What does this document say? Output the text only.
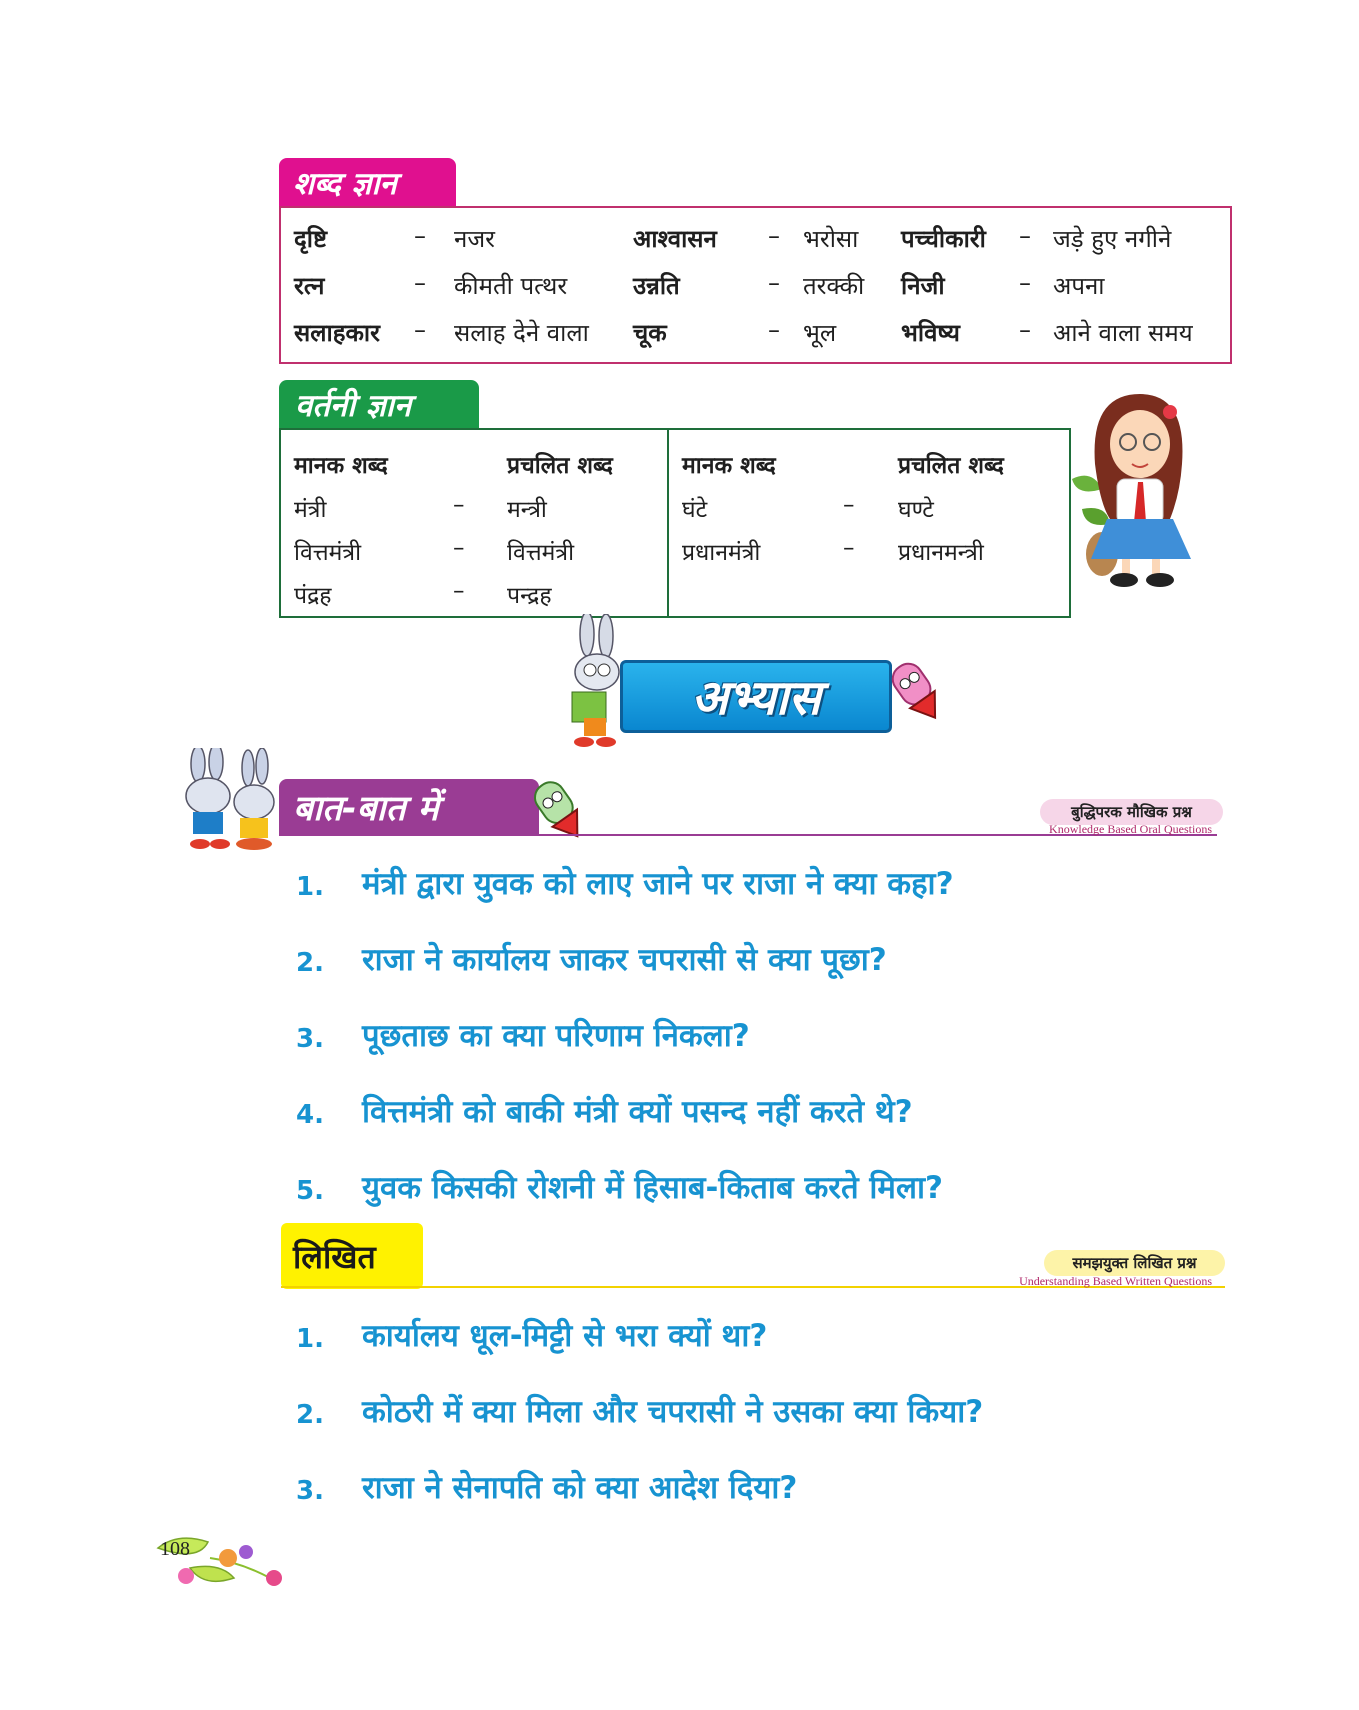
शब्द ज्ञान
दृष्टि	– नजर	आश्वासन – भरोसा पच्चीकारी – जड़े हुए नगीने
रत्न	– कीमती पत्थर	उन्नति	– तरक्की निजी	– अपना
सलाहकार – सलाह देने वाला चूक	– भूल	भविष्य – आने वाला समय
वर्तनी ज्ञान
मानक शब्द	प्रचलित शब्द	मानक शब्द	प्रचलित शब्द
मंत्री	– मन्त्री
वित्तमंत्री	– वित्तमंत्री
पंद्रह	– पन्द्रह
घंटे	– घण्टे
प्रधानमंत्री	– प्रधानमन्त्री
अभ्यास
बात-बात में	बुद्धिपरक मौखिक प्रश्न
Knowledge Based Oral Questions
1. मंत्री द्वारा युवक को लाए जाने पर राजा ने क्या कहा?
2. राजा ने कार्यालय जाकर चपरासी से क्या पूछा?
3. पूछताछ का क्या परिणाम निकला?
4. वित्तमंत्री को बाकी मंत्री क्यों पसन्द नहीं करते थे?
5. युवक किसकी रोशनी में हिसाब-किताब करते मिला?
लिखित	समझयुक्त लिखित प्रश्न
Understanding Based Written Questions
1. कार्यालय धूल-मिट्टी से भरा क्यों था?
2. कोठरी में क्या मिला और चपरासी ने उसका क्या किया?
3. राजा ने सेनापति को क्या आदेश दिया?
108
